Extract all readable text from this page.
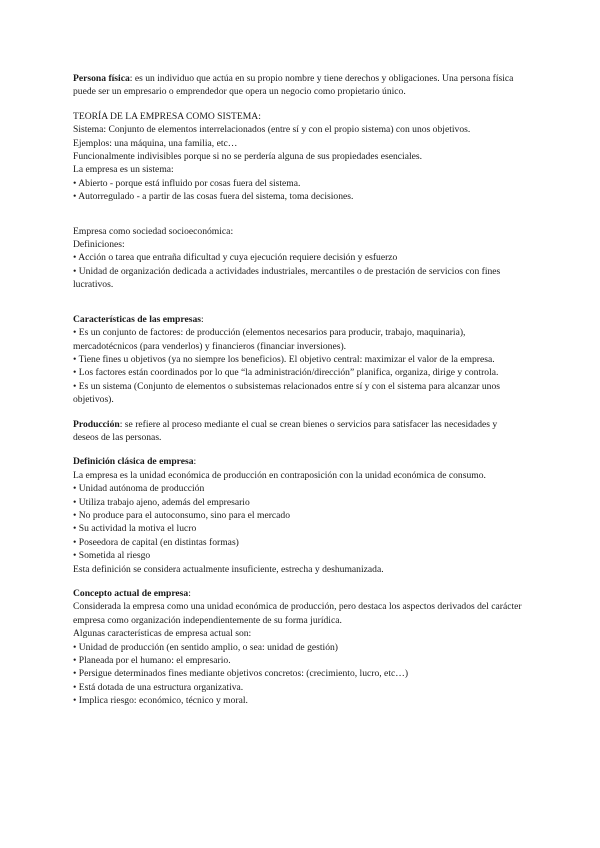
Persona física: es un individuo que actúa en su propio nombre y tiene derechos y obligaciones. Una persona física puede ser un empresario o emprendedor que opera un negocio como propietario único.

TEORÍA DE LA EMPRESA COMO SISTEMA:

Sistema: Conjunto de elementos interrelacionados (entre sí y con el propio sistema) con unos objetivos.

Ejemplos: una máquina, una familia, etc…

Funcionalmente indivisibles porque si no se perdería alguna de sus propiedades esenciales.

La empresa es un sistema:

• Abierto - porque está influido por cosas fuera del sistema.
• Autorregulado - a partir de las cosas fuera del sistema, toma decisiones.

Empresa como sociedad socioeconómica:

Definiciones:

• Acción o tarea que entraña dificultad y cuya ejecución requiere decisión y esfuerzo
• Unidad de organización dedicada a actividades industriales, mercantiles o de prestación de servicios con fines lucrativos.

Características de las empresas:

• Es un conjunto de factores: de producción (elementos necesarios para producir, trabajo, maquinaria), mercadotécnicos (para venderlos) y financieros (financiar inversiones).
• Tiene fines u objetivos (ya no siempre los beneficios). El objetivo central: maximizar el valor de la empresa.
• Los factores están coordinados por lo que “la administración/dirección” planifica, organiza, dirige y controla.
• Es un sistema (Conjunto de elementos o subsistemas relacionados entre sí y con el sistema para alcanzar unos objetivos).

Producción: se refiere al proceso mediante el cual se crean bienes o servicios para satisfacer las necesidades y deseos de las personas.

Definición clásica de empresa:

La empresa es la unidad económica de producción en contraposición con la unidad económica de consumo.

• Unidad autónoma de producción
• Utiliza trabajo ajeno, además del empresario
• No produce para el autoconsumo, sino para el mercado
• Su actividad la motiva el lucro
• Poseedora de capital (en distintas formas)
• Sometida al riesgo

Esta definición se considera actualmente insuficiente, estrecha y deshumanizada.

Concepto actual de empresa:

Considerada la empresa como una unidad económica de producción, pero destaca los aspectos derivados del carácter empresa como organización independientemente de su forma jurídica.

Algunas características de empresa actual son:

• Unidad de producción (en sentido amplio, o sea: unidad de gestión)
• Planeada por el humano: el empresario.
• Persigue determinados fines mediante objetivos concretos: (crecimiento, lucro, etc…)
• Está dotada de una estructura organizativa.
• Implica riesgo: económico, técnico y moral.
